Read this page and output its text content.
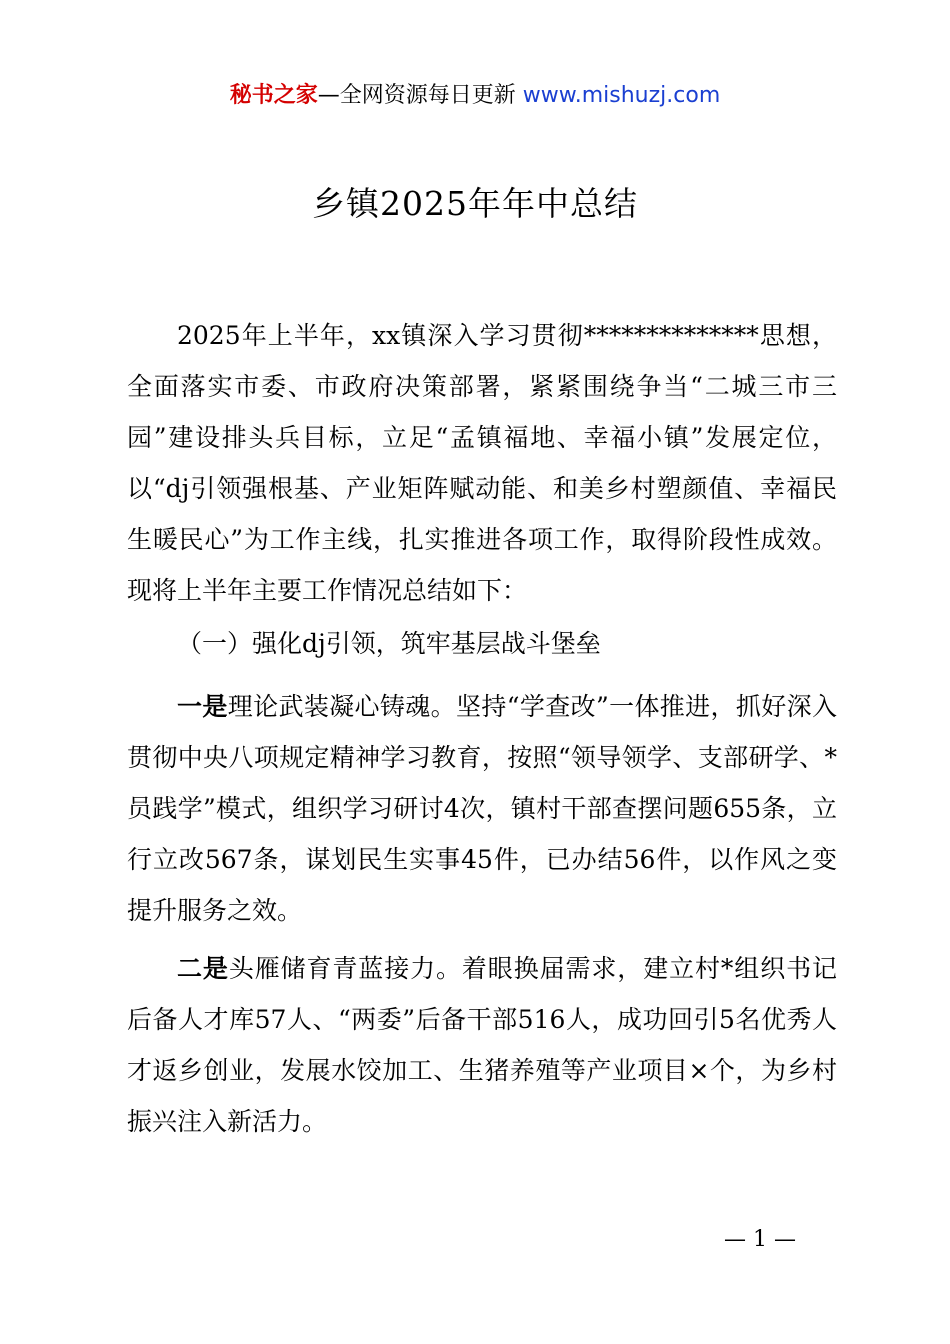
秘书之家—全网资源每日更新 www.mishuzj.com
乡镇2025年年中总结

2025年上半年，xx镇深入学习贯彻**************思想，全面落实市委、市政府决策部署，紧紧围绕争当“二城三市三园”建设排头兵目标，立足“孟镇福地、幸福小镇”发展定位，以“dj引领强根基、产业矩阵赋动能、和美乡村塑颜值、幸福民生暖民心”为工作主线，扎实推进各项工作，取得阶段性成效。现将上半年主要工作情况总结如下：

（一）强化dj引领，筑牢基层战斗堡垒

一是理论武装凝心铸魂。坚持“学查改”一体推进，抓好深入贯彻中央八项规定精神学习教育，按照“领导领学、支部研学、*员践学”模式，组织学习研讨4次，镇村干部查摆问题655条，立行立改567条，谋划民生实事45件，已办结56件，以作风之变提升服务之效。

二是头雁储育青蓝接力。着眼换届需求，建立村*组织书记后备人才库57人、“两委”后备干部516人，成功回引5名优秀人才返乡创业，发展水饺加工、生猪养殖等产业项目×个，为乡村振兴注入新活力。

— 1 —
